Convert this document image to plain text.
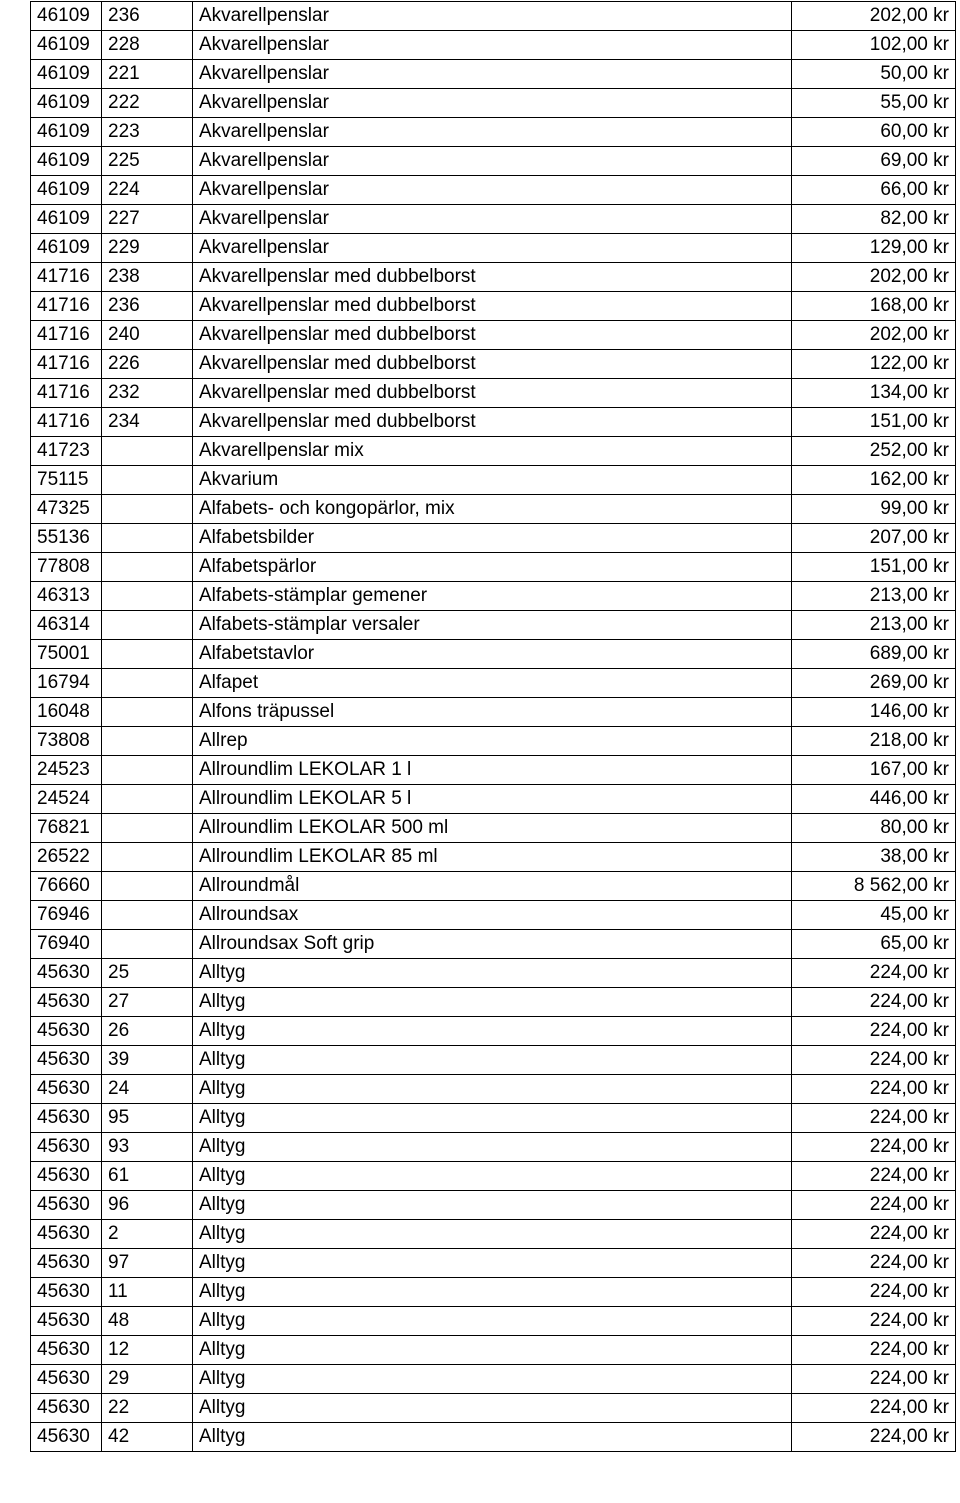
46109	236	Akvarellpenslar	202,00 kr
46109	228	Akvarellpenslar	102,00 kr
46109	221	Akvarellpenslar	50,00 kr
46109	222	Akvarellpenslar	55,00 kr
46109	223	Akvarellpenslar	60,00 kr
46109	225	Akvarellpenslar	69,00 kr
46109	224	Akvarellpenslar	66,00 kr
46109	227	Akvarellpenslar	82,00 kr
46109	229	Akvarellpenslar	129,00 kr
41716	238	Akvarellpenslar med dubbelborst	202,00 kr
41716	236	Akvarellpenslar med dubbelborst	168,00 kr
41716	240	Akvarellpenslar med dubbelborst	202,00 kr
41716	226	Akvarellpenslar med dubbelborst	122,00 kr
41716	232	Akvarellpenslar med dubbelborst	134,00 kr
41716	234	Akvarellpenslar med dubbelborst	151,00 kr
41723		Akvarellpenslar mix	252,00 kr
75115		Akvarium	162,00 kr
47325		Alfabets- och kongopärlor, mix	99,00 kr
55136		Alfabetsbilder	207,00 kr
77808		Alfabetspärlor	151,00 kr
46313		Alfabets-stämplar gemener	213,00 kr
46314		Alfabets-stämplar versaler	213,00 kr
75001		Alfabetstavlor	689,00 kr
16794		Alfapet	269,00 kr
16048		Alfons träpussel	146,00 kr
73808		Allrep	218,00 kr
24523		Allroundlim LEKOLAR 1 l	167,00 kr
24524		Allroundlim LEKOLAR 5 l	446,00 kr
76821		Allroundlim LEKOLAR 500 ml	80,00 kr
26522		Allroundlim LEKOLAR 85 ml	38,00 kr
76660		Allroundmål	8 562,00 kr
76946		Allroundsax	45,00 kr
76940		Allroundsax Soft grip	65,00 kr
45630	25	Alltyg	224,00 kr
45630	27	Alltyg	224,00 kr
45630	26	Alltyg	224,00 kr
45630	39	Alltyg	224,00 kr
45630	24	Alltyg	224,00 kr
45630	95	Alltyg	224,00 kr
45630	93	Alltyg	224,00 kr
45630	61	Alltyg	224,00 kr
45630	96	Alltyg	224,00 kr
45630	2	Alltyg	224,00 kr
45630	97	Alltyg	224,00 kr
45630	11	Alltyg	224,00 kr
45630	48	Alltyg	224,00 kr
45630	12	Alltyg	224,00 kr
45630	29	Alltyg	224,00 kr
45630	22	Alltyg	224,00 kr
45630	42	Alltyg	224,00 kr
